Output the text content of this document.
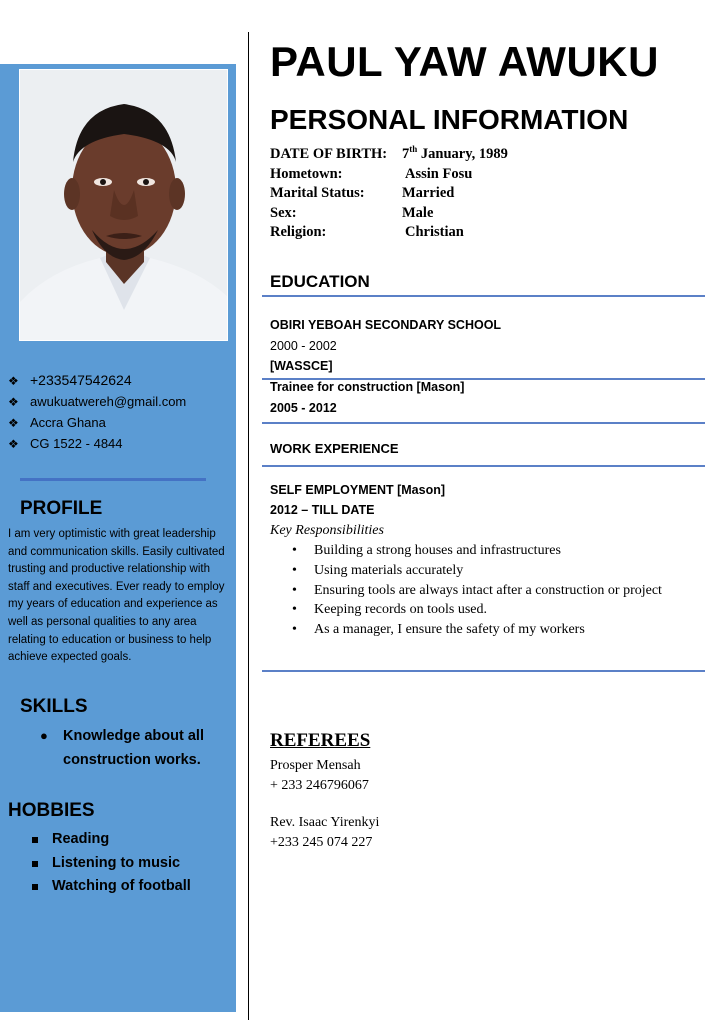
❖ +233547542624
❖ awukuatwereh@gmail.com
❖ Accra Ghana
❖ CG 1522 - 4844
PROFILE

I am very optimistic with great leadership and communication skills. Easily cultivated trusting and productive relationship with staff and executives. Ever ready to employ my years of education and experience as well as personal qualities to any area relating to education or business to help achieve expected goals.

SKILLS
● Knowledge about all construction works.
HOBBIES
Reading
Listening to music
Watching of football
PAUL YAW AWUKU
PERSONAL INFORMATION
DATE OF BIRTH: 7th January, 1989
Hometown:	Assin Fosu
Marital Status:	Married
Sex:	Male
Religion:	Christian
EDUCATION
OBIRI YEBOAH SECONDARY SCHOOL
2000 - 2002
[WASSCE]
Trainee for construction [Mason]
2005 - 2012
WORK EXPERIENCE
SELF EMPLOYMENT [Mason]
2012 – TILL DATE
Key Responsibilities
• Building a strong houses and infrastructures
• Using materials accurately
• Ensuring tools are always intact after a construction or project
• Keeping records on tools used.
• As a manager, I ensure the safety of my workers
REFEREES
Prosper Mensah
+ 233 246796067
Rev. Isaac Yirenkyi
+233 245 074 227
